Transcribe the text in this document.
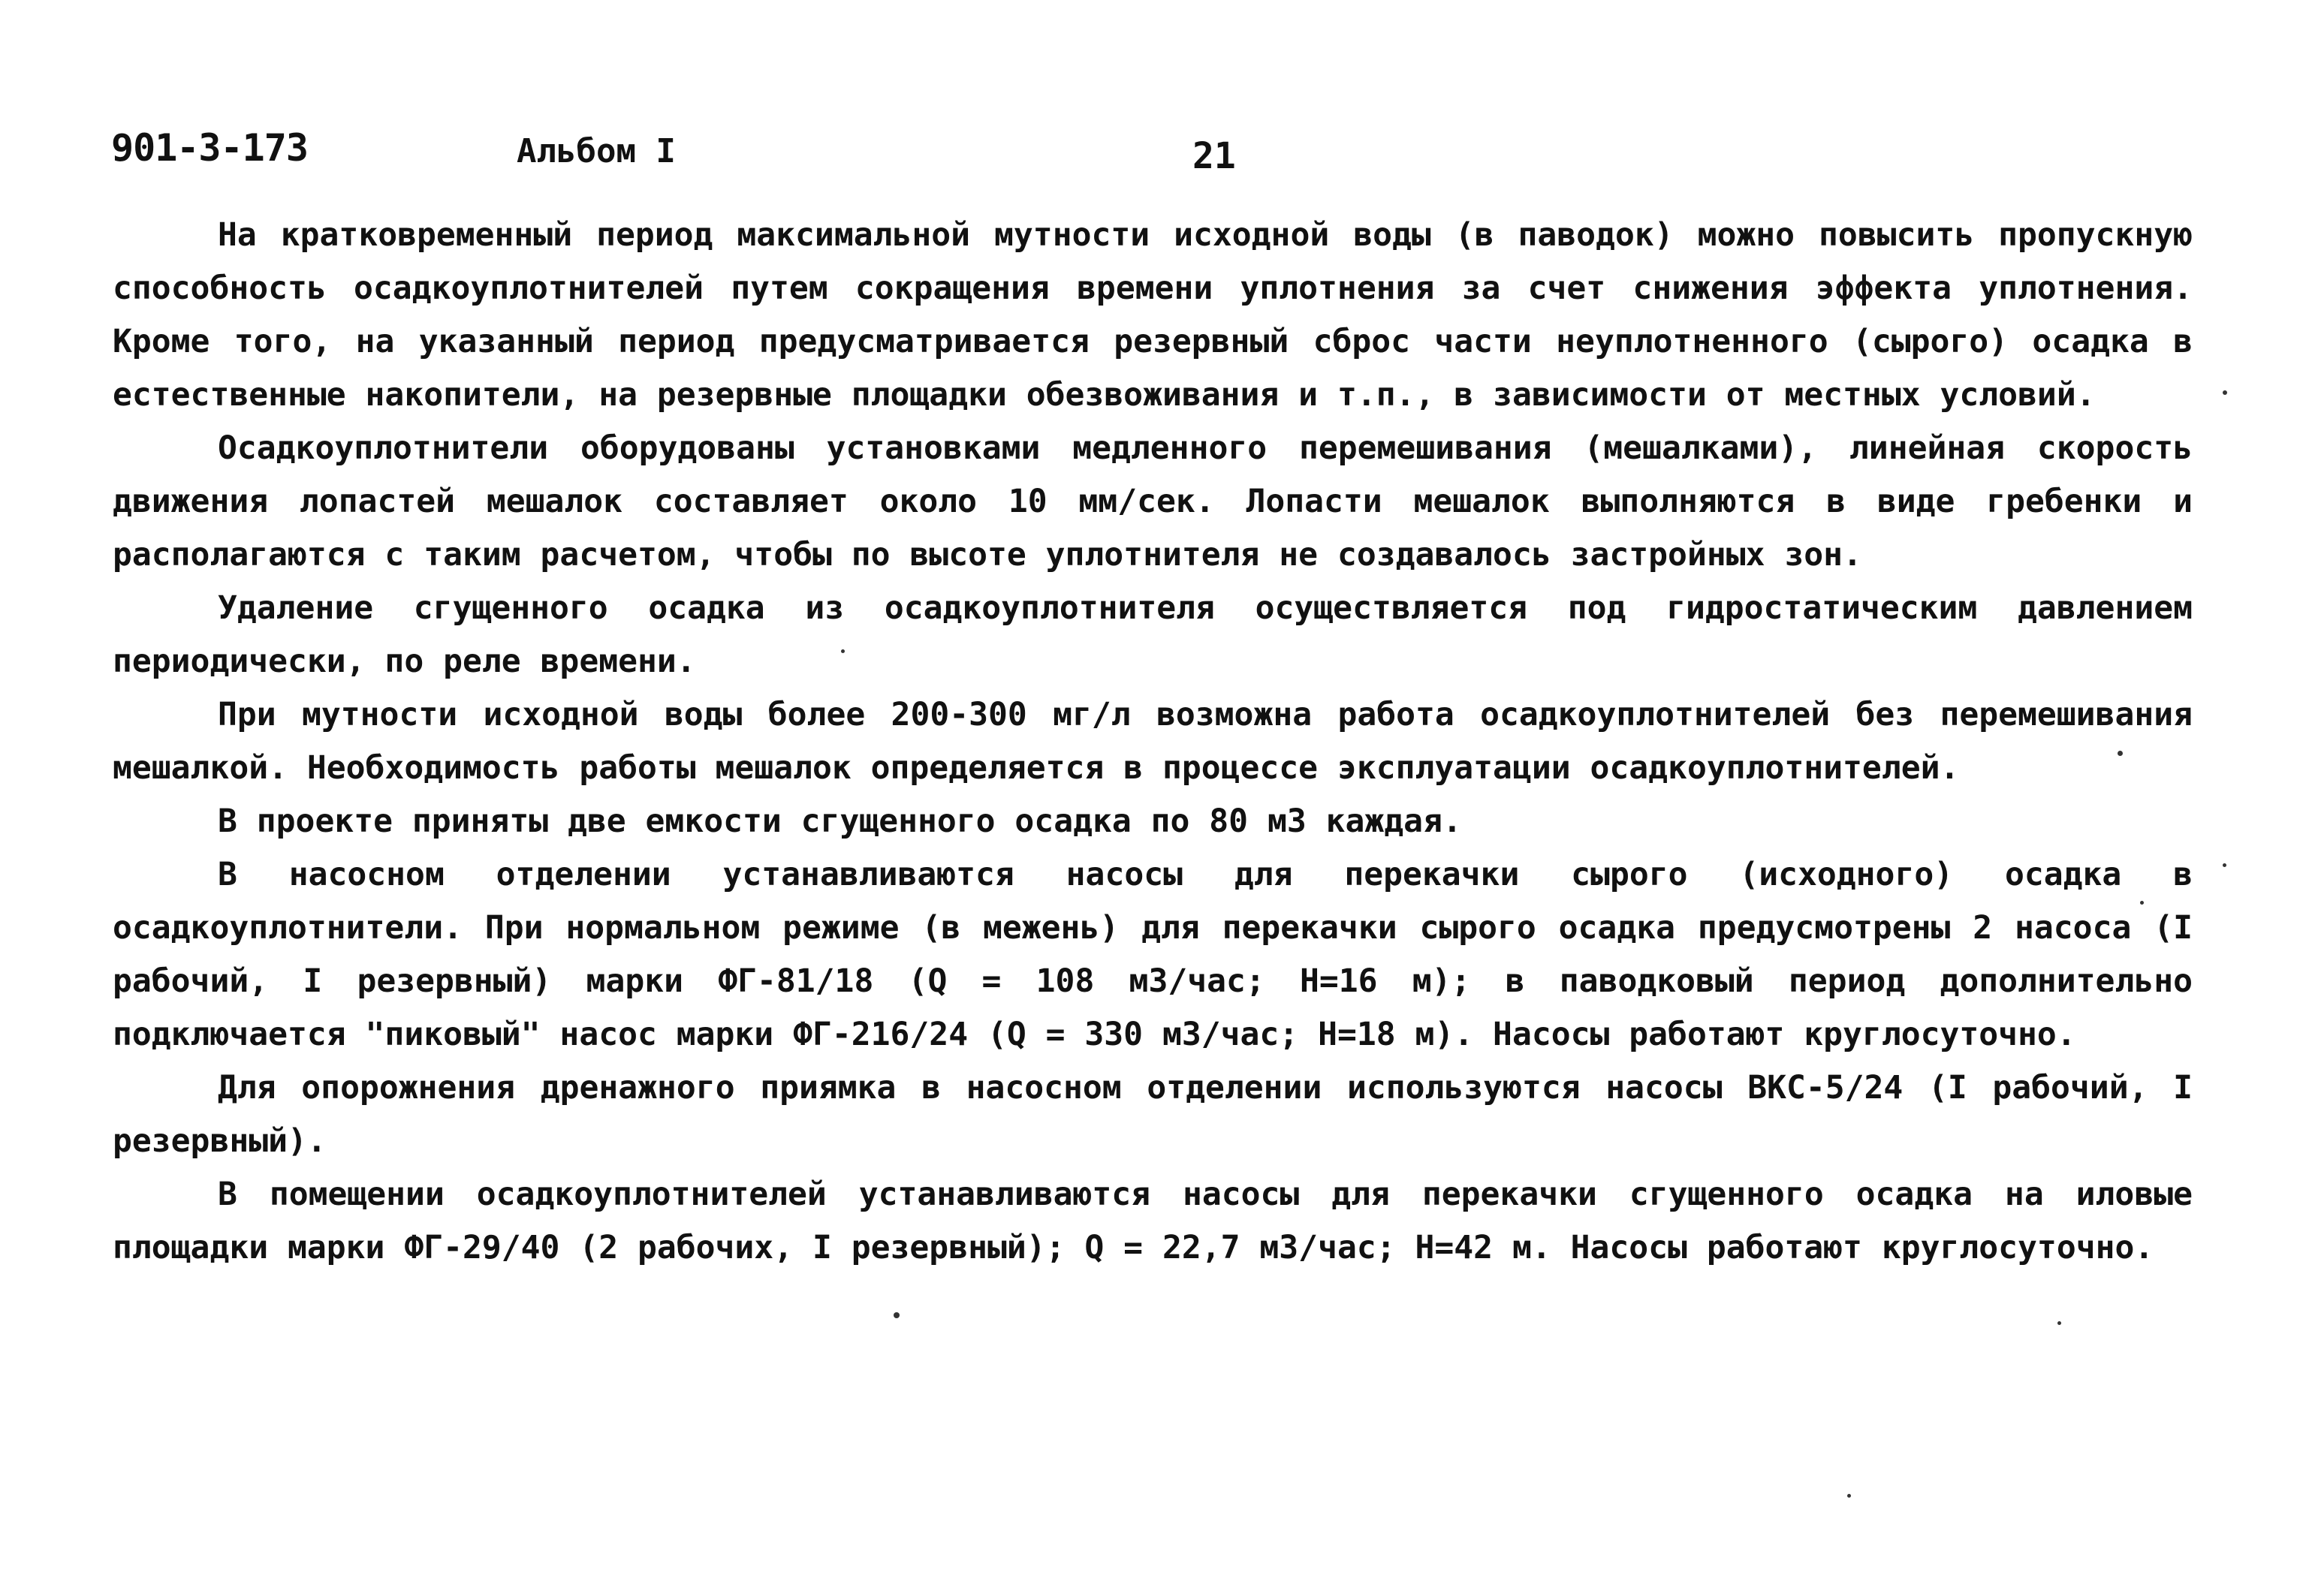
901-3-173	Альбом I	21

На кратковременный период максимальной мутности исходной воды (в паводок) можно повысить пропускную способность осадкоуплотнителей путем сокращения времени уплотнения за счет снижения эффекта уплотнения. Кроме того, на указанный период предусматривается резервный сброс части неуплотненного (сырого) осадка в естественные накопители, на резервные площадки обезвоживания и т.п., в зависимости от местных условий.

Осадкоуплотнители оборудованы установками медленного перемешивания (мешалками), линейная скорость движения лопастей мешалок составляет около 10 мм/сек. Лопасти мешалок выполняются в виде гребенки и располагаются с таким расчетом, чтобы по высоте уплотнителя не создавалось застройных зон.

Удаление сгущенного осадка из осадкоуплотнителя осуществляется под гидростатическим давлением периодически, по реле времени.

При мутности исходной воды более 200-300 мг/л возможна работа осадкоуплотнителей без перемешивания мешалкой. Необходимость работы мешалок определяется в процессе эксплуатации осадкоуплотнителей.

В проекте приняты две емкости сгущенного осадка по 80 м3 каждая.

В насосном отделении устанавливаются насосы для перекачки сырого (исходного) осадка в осадкоуплотнители. При нормальном режиме (в межень) для перекачки сырого осадка предусмотрены 2 насоса (I рабочий, I резервный) марки ФГ-81/18 (Q = 108 м3/час; Н=16 м); в паводковый период дополнительно подключается "пиковый" насос марки ФГ-216/24 (Q = 330 м3/час; Н=18 м). Насосы работают круглосуточно.

Для опорожнения дренажного приямка в насосном отделении используются насосы ВКС-5/24 (I рабочий, I резервный).

В помещении осадкоуплотнителей устанавливаются насосы для перекачки сгущенного осадка на иловые площадки марки ФГ-29/40 (2 рабочих, I резервный); Q = 22,7 м3/час; Н=42 м. Насосы работают круглосуточно.
